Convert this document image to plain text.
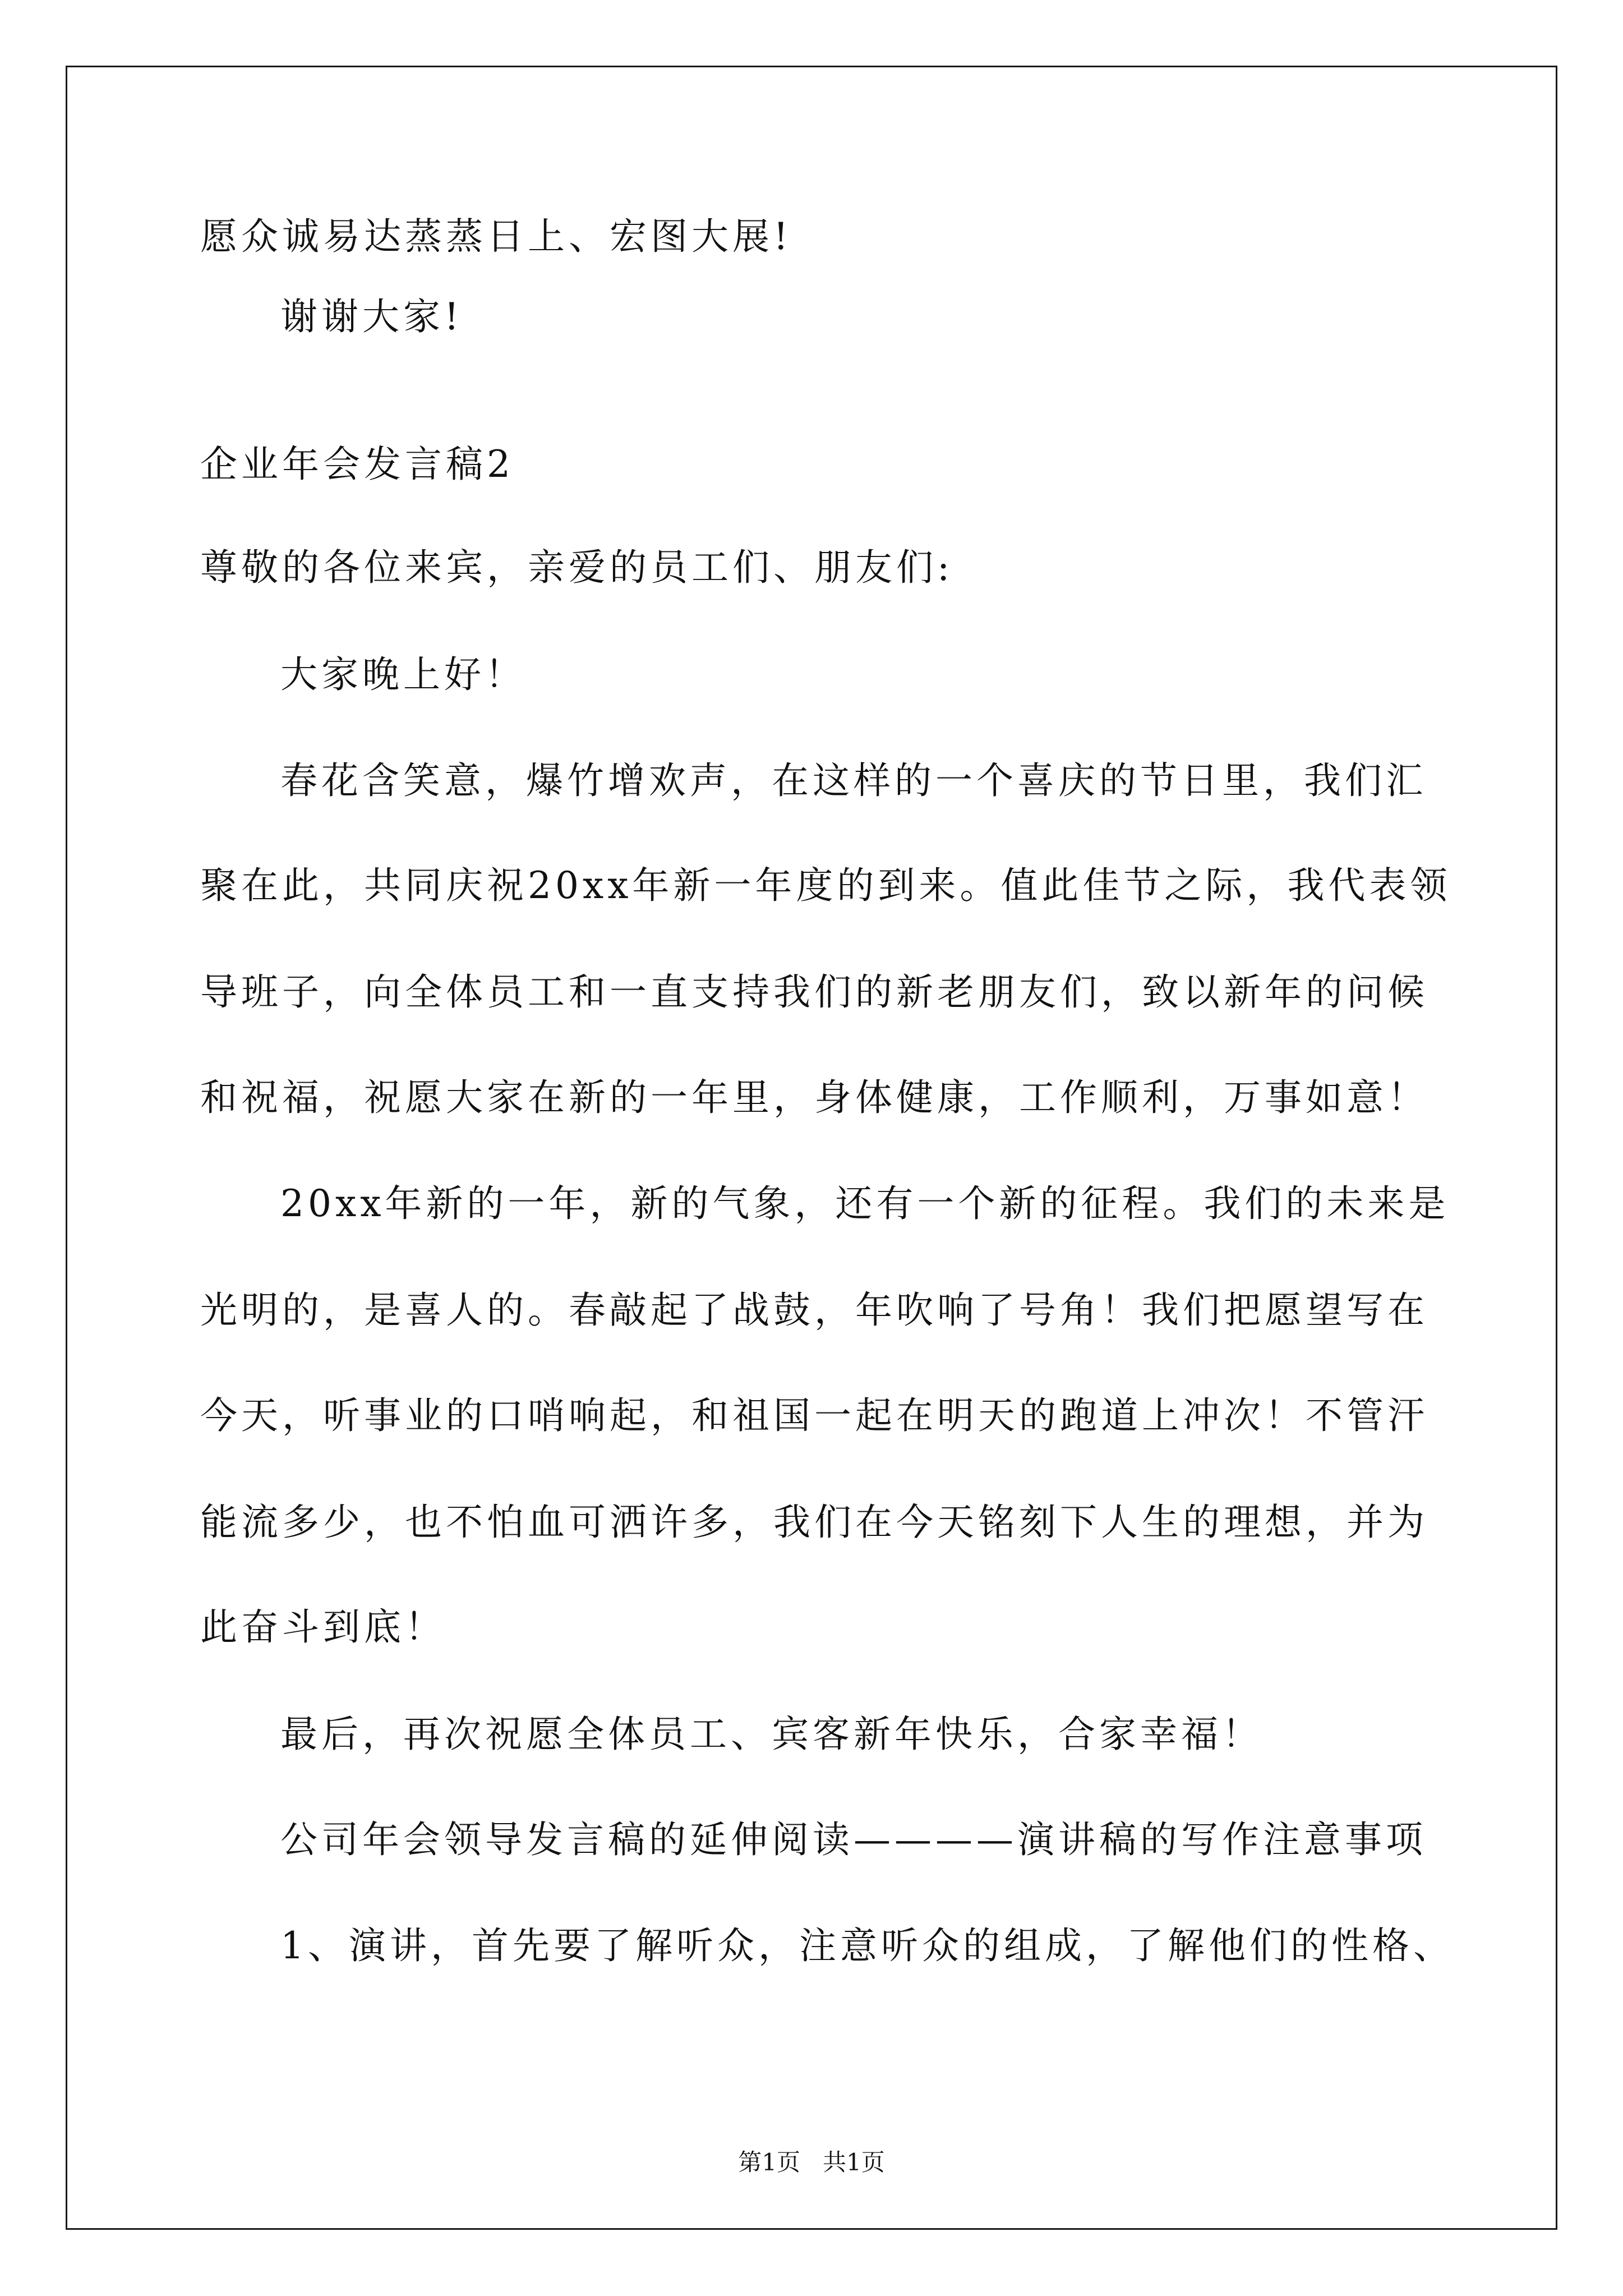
愿众诚易达蒸蒸日上、宏图大展!
谢谢大家!
企业年会发言稿2
尊敬的各位来宾，亲爱的员工们、朋友们:
大家晚上好！
春花含笑意，爆竹增欢声，在这样的一个喜庆的节日里，我们汇
聚在此，共同庆祝20xx年新一年度的到来。值此佳节之际，我代表领
导班子，向全体员工和一直支持我们的新老朋友们，致以新年的问候
和祝福，祝愿大家在新的一年里，身体健康，工作顺利，万事如意！
20xx年新的一年，新的气象，还有一个新的征程。我们的未来是
光明的，是喜人的。春敲起了战鼓，年吹响了号角！我们把愿望写在
今天，听事业的口哨响起，和祖国一起在明天的跑道上冲次！不管汗
能流多少，也不怕血可洒许多，我们在今天铭刻下人生的理想，并为
此奋斗到底！
最后，再次祝愿全体员工、宾客新年快乐，合家幸福！
公司年会领导发言稿的延伸阅读————演讲稿的写作注意事项
1、演讲，首先要了解听众，注意听众的组成，了解他们的性格、
第1页   共1页
